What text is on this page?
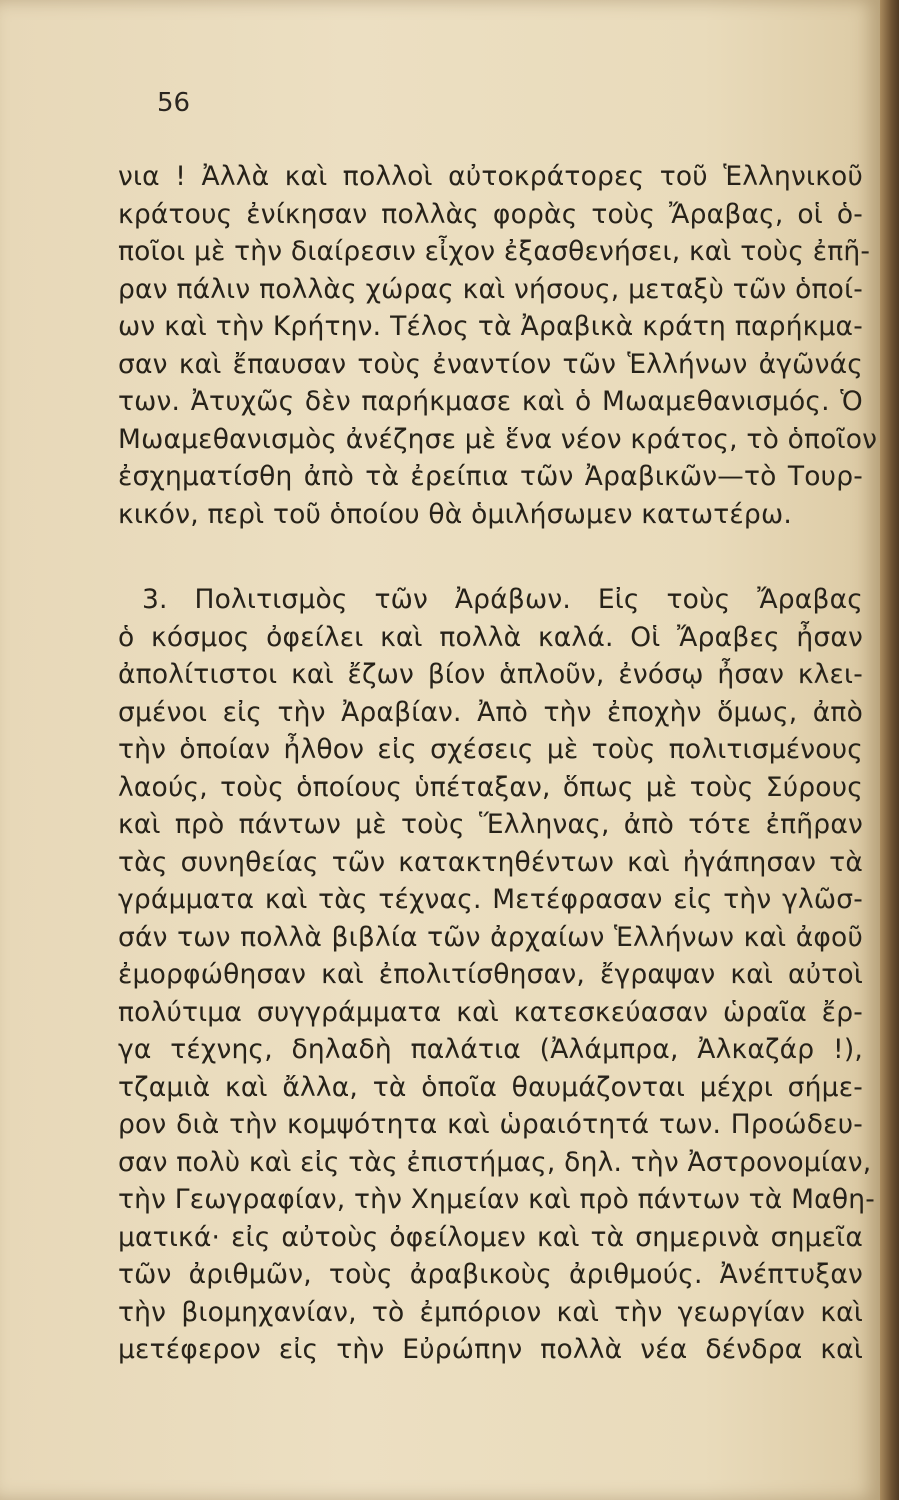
56

νια ! Ἀλλὰ καὶ πολλοὶ αὐτοκράτορες τοῦ Ἑλληνικοῦ
κράτους ἐνίκησαν πολλὰς φορὰς τοὺς Ἄραβας, οἱ ὁ-
ποῖοι μὲ τὴν διαίρεσιν εἶχον ἐξασθενήσει, καὶ τοὺς ἐπῆ-
ραν πάλιν πολλὰς χώρας καὶ νήσους, μεταξὺ τῶν ὁποί-
ων καὶ τὴν Κρήτην. Τέλος τὰ Ἀραβικὰ κράτη παρήκμα-
σαν καὶ ἔπαυσαν τοὺς ἐναντίον τῶν Ἑλλήνων ἀγῶνάς
των. Ἀτυχῶς δὲν παρήκμασε καὶ ὁ Μωαμεθανισμός. Ὁ
Μωαμεθανισμὸς ἀνέζησε μὲ ἕνα νέον κράτος, τὸ ὁποῖον
ἐσχηματίσθη ἀπὸ τὰ ἐρείπια τῶν Ἀραβικῶν—τὸ Τουρ-
κικόν, περὶ τοῦ ὁποίου θὰ ὁμιλήσωμεν κατωτέρω.
3. Πολιτισμὸς τῶν Ἀράβων. Εἰς τοὺς Ἄραβας
ὁ κόσμος ὀφείλει καὶ πολλὰ καλά. Οἱ Ἄραβες ἦσαν
ἀπολίτιστοι καὶ ἔζων βίον ἁπλοῦν, ἐνόσῳ ἦσαν κλει-
σμένοι εἰς τὴν Ἀραβίαν. Ἀπὸ τὴν ἐποχὴν ὅμως, ἀπὸ
τὴν ὁποίαν ἦλθον εἰς σχέσεις μὲ τοὺς πολιτισμένους
λαούς, τοὺς ὁποίους ὑπέταξαν, ὅπως μὲ τοὺς Σύρους
καὶ πρὸ πάντων μὲ τοὺς Ἕλληνας, ἀπὸ τότε ἐπῆραν
τὰς συνηθείας τῶν κατακτηθέντων καὶ ἠγάπησαν τὰ
γράμματα καὶ τὰς τέχνας. Μετέφρασαν εἰς τὴν γλῶσ-
σάν των πολλὰ βιβλία τῶν ἀρχαίων Ἑλλήνων καὶ ἀφοῦ
ἐμορφώθησαν καὶ ἐπολιτίσθησαν, ἔγραψαν καὶ αὐτοὶ
πολύτιμα συγγράμματα καὶ κατεσκεύασαν ὡραῖα ἔρ-
γα τέχνης, δηλαδὴ παλάτια (Ἀλάμπρα, Ἀλκαζάρ !),
τζαμιὰ καὶ ἄλλα, τὰ ὁποῖα θαυμάζονται μέχρι σήμε-
ρον διὰ τὴν κομψότητα καὶ ὡραιότητά των. Προώδευ-
σαν πολὺ καὶ εἰς τὰς ἐπιστήμας, δηλ. τὴν Ἀστρονομίαν,
τὴν Γεωγραφίαν, τὴν Χημείαν καὶ πρὸ πάντων τὰ Μαθη-
ματικά· εἰς αὐτοὺς ὀφείλομεν καὶ τὰ σημερινὰ σημεῖα
τῶν ἀριθμῶν, τοὺς ἀραβικοὺς ἀριθμούς. Ἀνέπτυξαν
τὴν βιομηχανίαν, τὸ ἐμπόριον καὶ τὴν γεωργίαν καὶ
μετέφερον εἰς τὴν Εὐρώπην πολλὰ νέα δένδρα καὶ
